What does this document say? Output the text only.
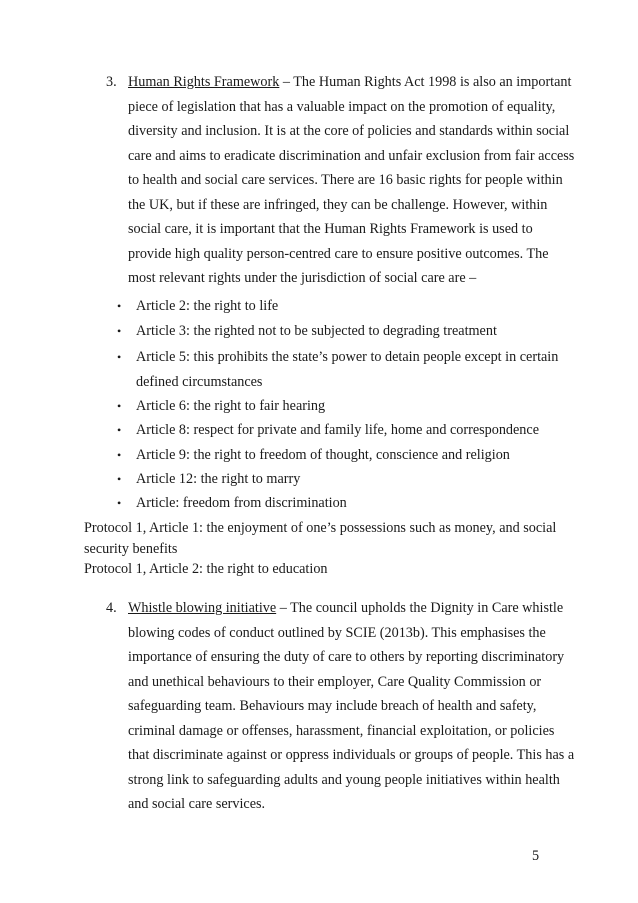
3. Human Rights Framework – The Human Rights Act 1998 is also an important
piece of legislation that has a valuable impact on the promotion of equality,
diversity and inclusion. It is at the core of policies and standards within social
care and aims to eradicate discrimination and unfair exclusion from fair access
to health and social care services. There are 16 basic rights for people within
the UK, but if these are infringed, they can be challenge. However, within
social care, it is important that the Human Rights Framework is used to
provide high quality person-centred care to ensure positive outcomes. The
most relevant rights under the jurisdiction of social care are –
• Article 2: the right to life
• Article 3: the righted not to be subjected to degrading treatment
• Article 5: this prohibits the state’s power to detain people except in certain
defined circumstances
• Article 6: the right to fair hearing
• Article 8: respect for private and family life, home and correspondence
• Article 9: the right to freedom of thought, conscience and religion
• Article 12: the right to marry
• Article: freedom from discrimination
Protocol 1, Article 1: the enjoyment of one’s possessions such as money, and social
security benefits
Protocol 1, Article 2: the right to education
4. Whistle blowing initiative – The council upholds the Dignity in Care whistle
blowing codes of conduct outlined by SCIE (2013b). This emphasises the
importance of ensuring the duty of care to others by reporting discriminatory
and unethical behaviours to their employer, Care Quality Commission or
safeguarding team. Behaviours may include breach of health and safety,
criminal damage or offenses, harassment, financial exploitation, or policies
that discriminate against or oppress individuals or groups of people. This has a
strong link to safeguarding adults and young people initiatives within health
and social care services.
5
